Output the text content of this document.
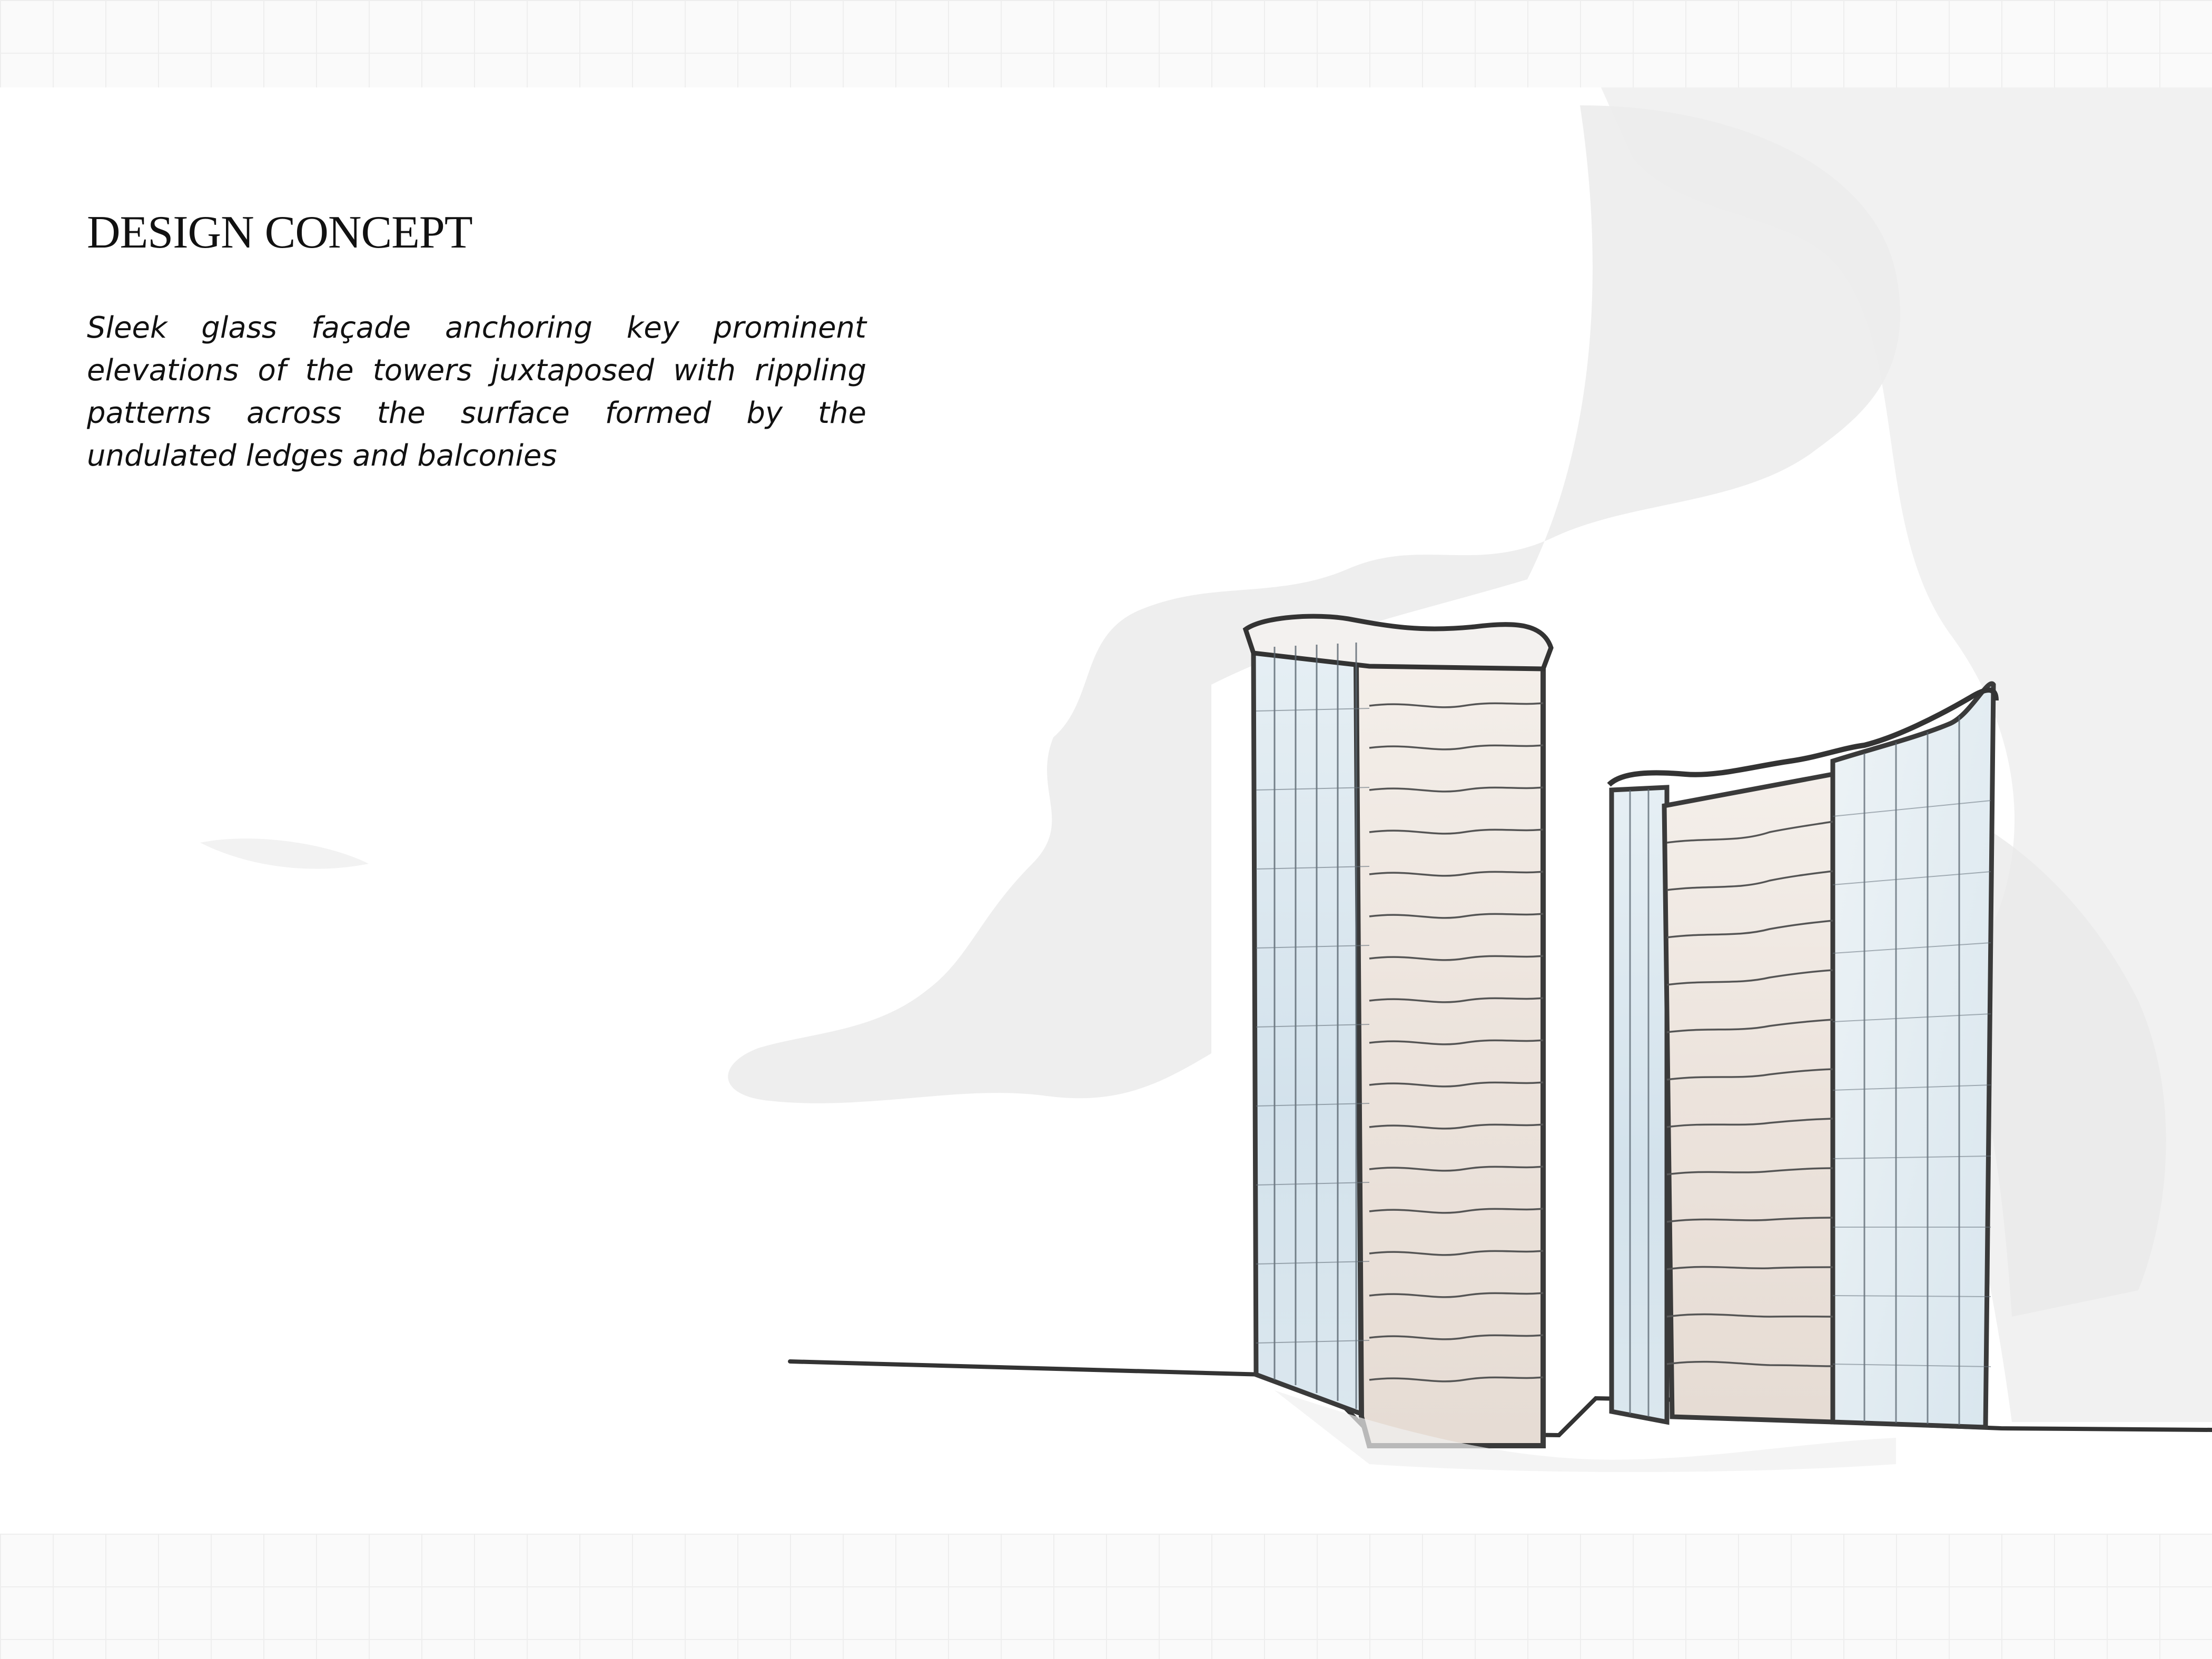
DESIGN CONCEPT

Sleek glass façade anchoring key prominent elevations of the towers juxtaposed with rippling patterns across the surface formed by the undulated ledges and balconies
